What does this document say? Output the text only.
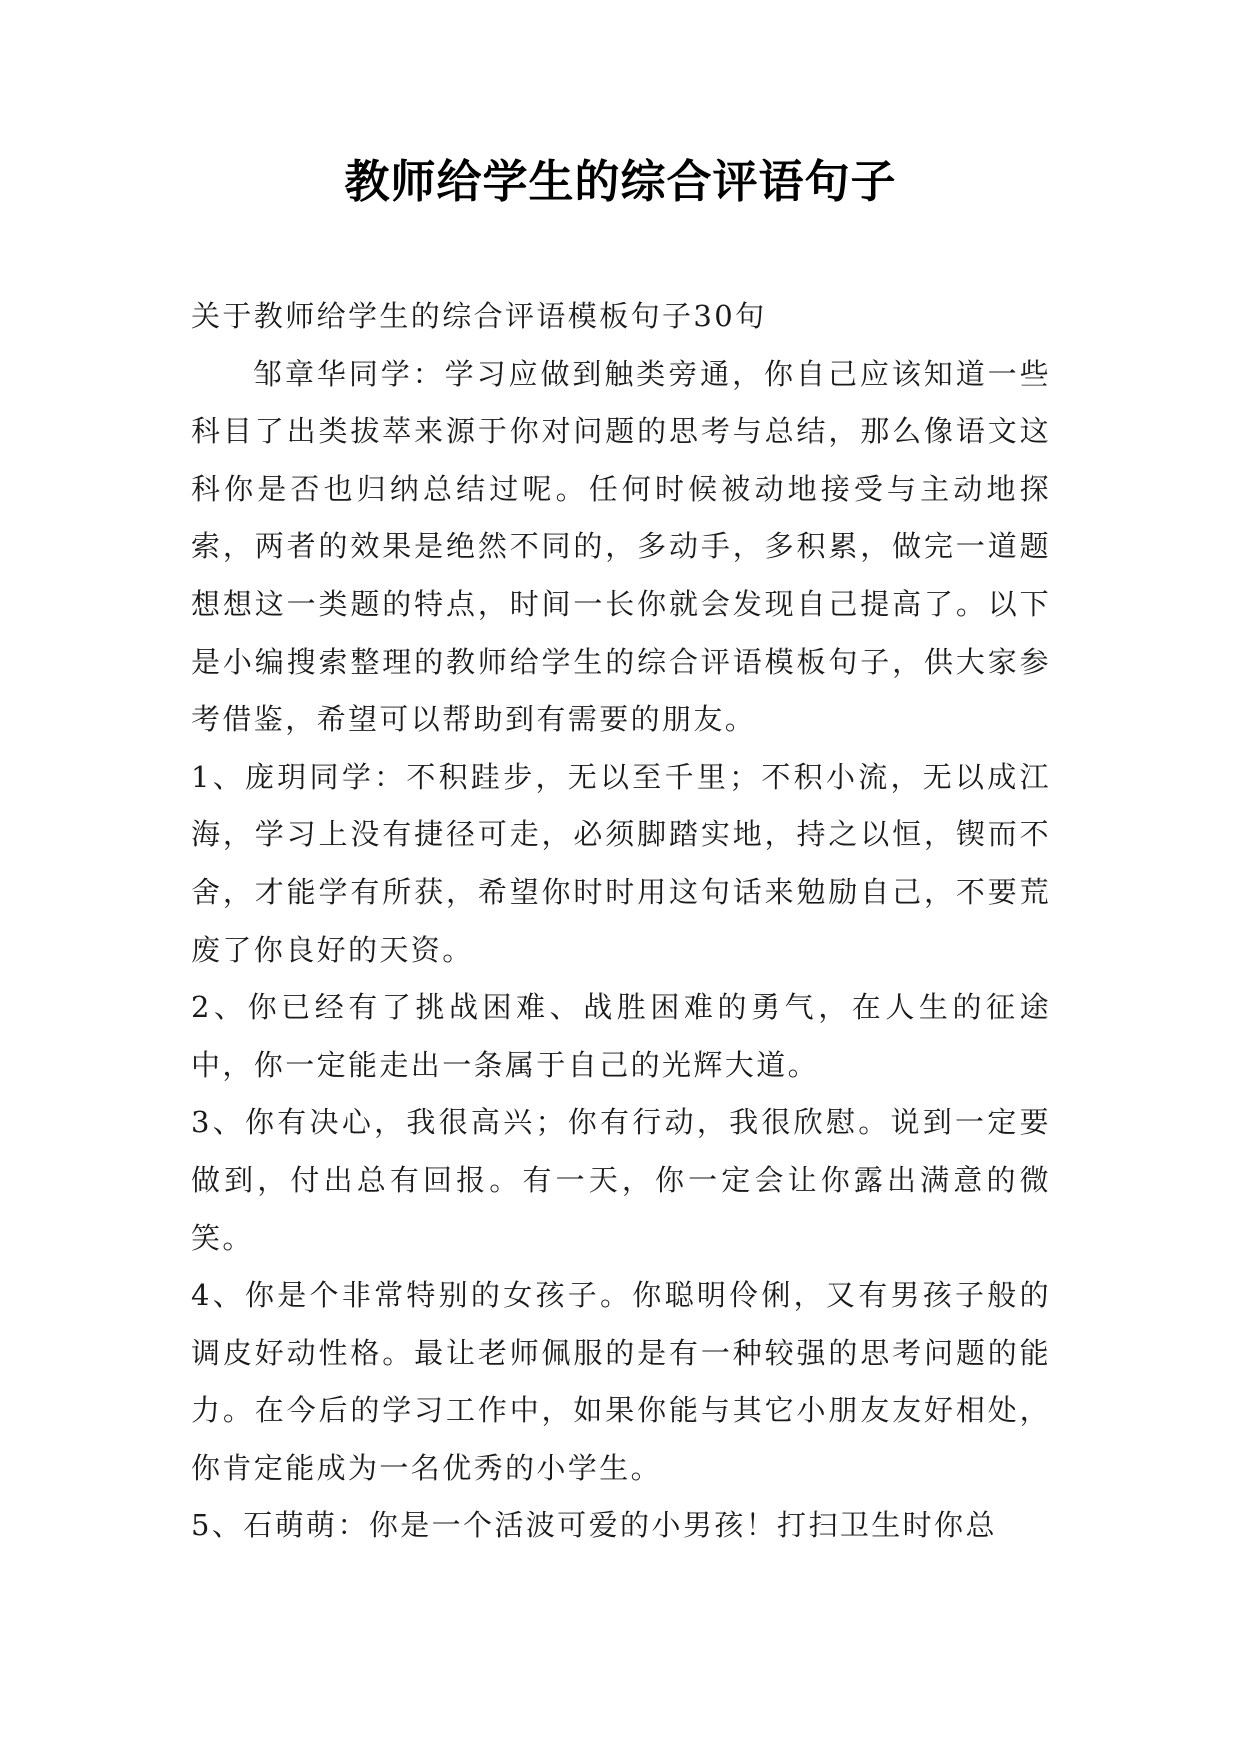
教师给学生的综合评语句子

关于教师给学生的综合评语模板句子30句

邹章华同学：学习应做到触类旁通，你自己应该知道一些科目了出类拔萃来源于你对问题的思考与总结，那么像语文这科你是否也归纳总结过呢。任何时候被动地接受与主动地探索，两者的效果是绝然不同的，多动手，多积累，做完一道题想想这一类题的特点，时间一长你就会发现自己提高了。以下是小编搜索整理的教师给学生的综合评语模板句子，供大家参考借鉴，希望可以帮助到有需要的朋友。

1、庞玥同学：不积跬步，无以至千里；不积小流，无以成江海，学习上没有捷径可走，必须脚踏实地，持之以恒，锲而不舍，才能学有所获，希望你时时用这句话来勉励自己，不要荒废了你良好的天资。

2、你已经有了挑战困难、战胜困难的勇气，在人生的征途中，你一定能走出一条属于自己的光辉大道。

3、你有决心，我很高兴；你有行动，我很欣慰。说到一定要做到，付出总有回报。有一天，你一定会让你露出满意的微笑。

4、你是个非常特别的女孩子。你聪明伶俐，又有男孩子般的调皮好动性格。最让老师佩服的是有一种较强的思考问题的能力。在今后的学习工作中，如果你能与其它小朋友友好相处，你肯定能成为一名优秀的小学生。

5、石萌萌：你是一个活波可爱的小男孩！打扫卫生时你总
